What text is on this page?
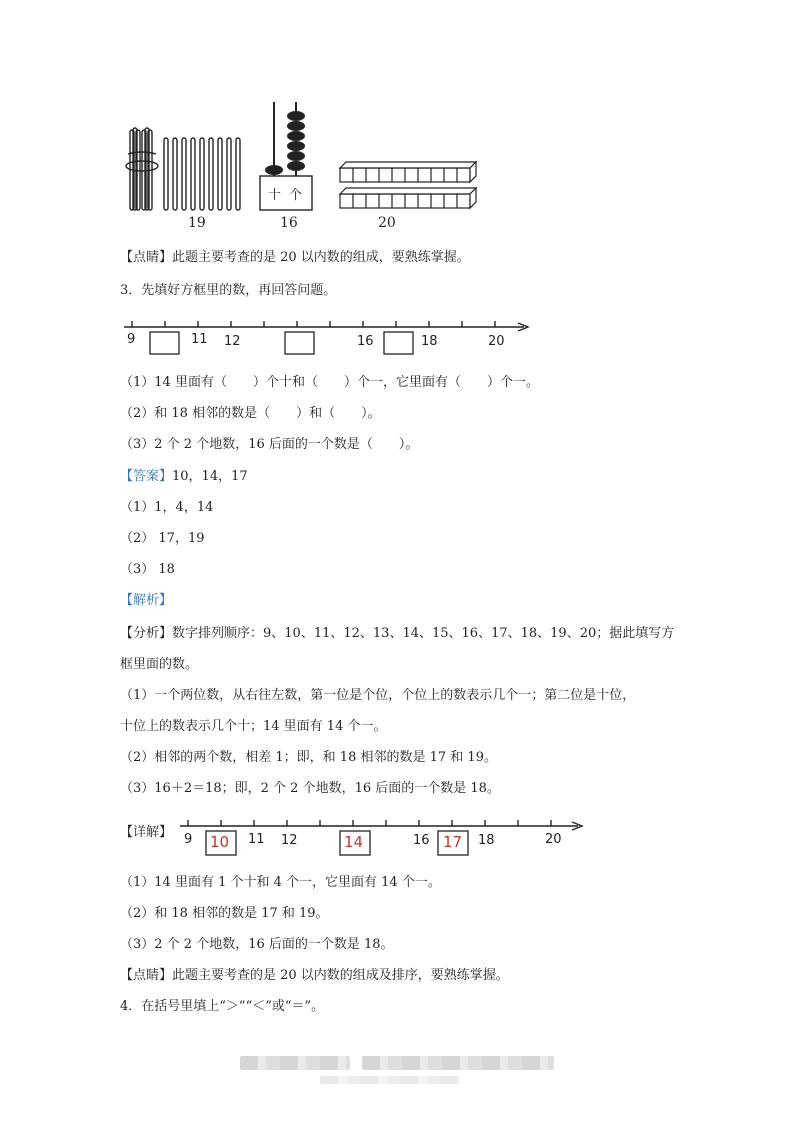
十 个
19	16	20
【点睛】此题主要考查的是 20 以内数的组成，要熟练掌握。
3．先填好方框里的数，再回答问题。
9	11 12	16	18	20
（1）14 里面有（　　）个十和（　　）个一，它里面有（　　）个一。
（2）和 18 相邻的数是（　　）和（　　）。
（3）2 个 2 个地数，16 后面的一个数是（　　）。
【答案】10，14，17
（1）1，4，14
（2） 17，19
（3） 18
【解析】
【分析】数字排列顺序：9、10、11、12、13、14、15、16、17、18、19、20；据此填写方
框里面的数。
（1）一个两位数，从右往左数，第一位是个位，个位上的数表示几个一；第二位是十位，
十位上的数表示几个十；14 里面有 14 个一。
（2）相邻的两个数，相差 1；即，和 18 相邻的数是 17 和 19。
（3）16＋2＝18；即，2 个 2 个地数，16 后面的一个数是 18。
【详解】 9	11 12	16	18	20
10	14	17
（1）14 里面有 1 个十和 4 个一，它里面有 14 个一。
（2）和 18 相邻的数是 17 和 19。
（3）2 个 2 个地数，16 后面的一个数是 18。
【点睛】此题主要考查的是 20 以内数的组成及排序，要熟练掌握。
4．在括号里填上“＞”“＜”或“＝”。
